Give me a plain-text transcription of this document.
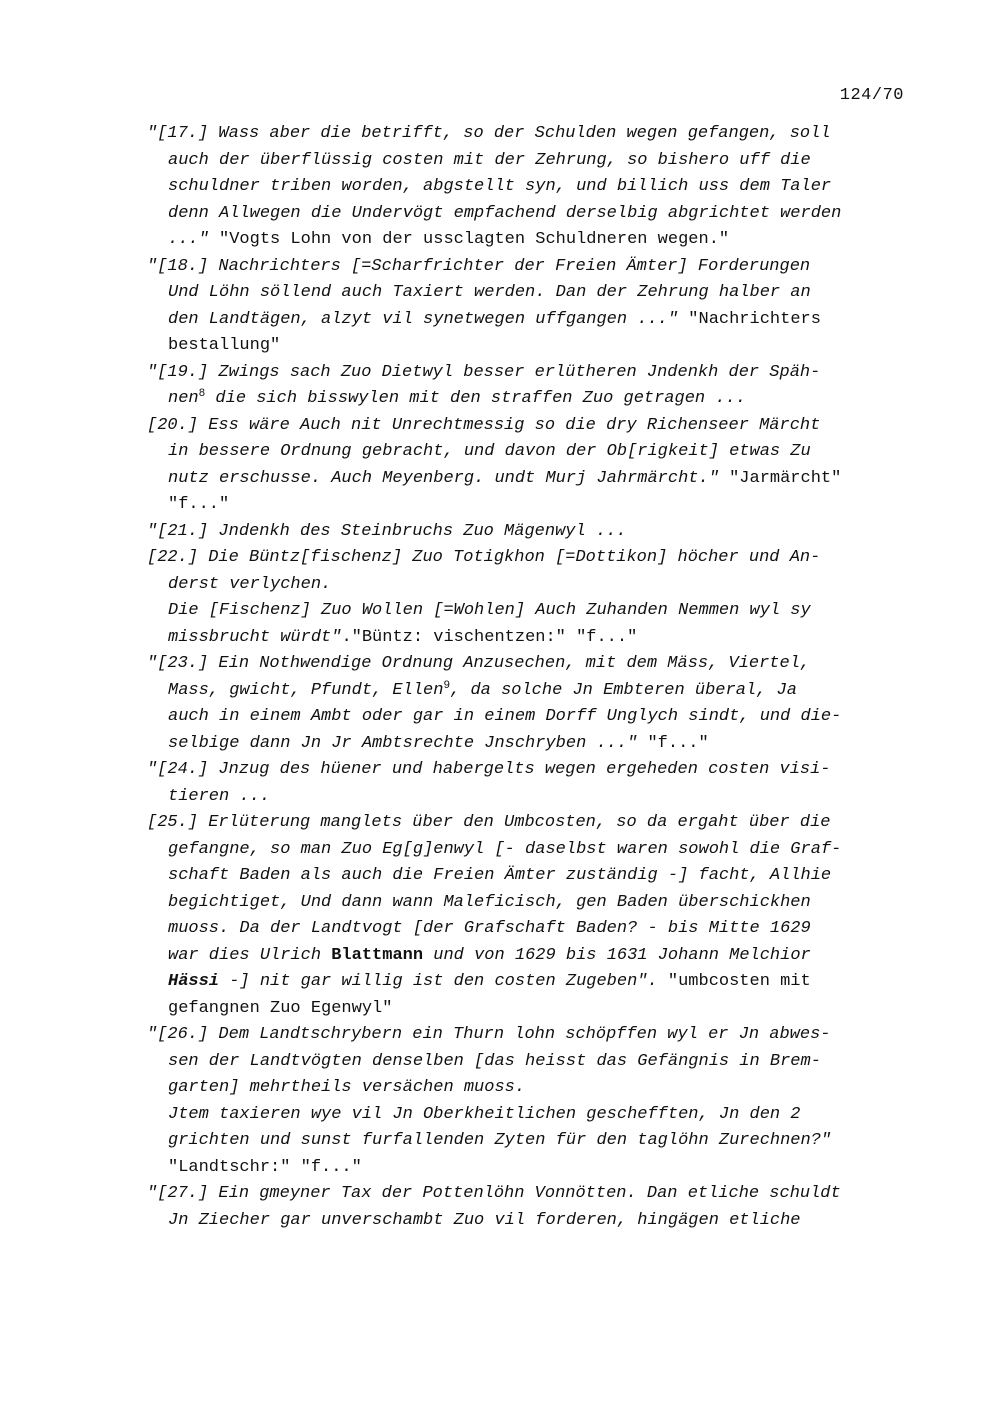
124/70
"[17.] Wass aber die betrifft, so der Schulden wegen gefangen, soll
auch der überflüssig costen mit der Zehrung, so bishero uff die
schuldner triben worden, abgstellt syn, und billich uss dem Taler
denn Allwegen die Undervögt empfachend derselbig abgrichtet werden
..." "Vogts Lohn von der ussclagten Schuldneren wegen."
"[18.] Nachrichters [=Scharfrichter der Freien Ämter] Forderungen
Und Löhn söllend auch Taxiert werden. Dan der Zehrung halber an
den Landtägen, alzyt vil synetwegen uffgangen ..." "Nachrichters
bestallung"
"[19.] Zwings sach Zuo Dietwyl besser erlütheren Jndenkh der Späh-
nen$^8$ die sich bisswylen mit den straffen Zuo getragen ...
[20.] Ess wäre Auch nit Unrechtmessig so die dry Richenseer Märcht
in bessere Ordnung gebracht, und davon der Ob[rigkeit] etwas Zu
nutz erschusse. Auch Meyenberg. undt Murj Jahrmärcht." "Jarmärcht"
"f..."
"[21.] Jndenkh des Steinbruchs Zuo Mägenwyl ...
[22.] Die Büntz[fischenz] Zuo Totigkhon [=Dottikon] höcher und An-
derst verlychen.
Die [Fischenz] Zuo Wollen [=Wohlen] Auch Zuhanden Nemmen wyl sy
missbrucht würdt"."Büntz: vischentzen:" "f..."
"[23.] Ein Nothwendige Ordnung Anzusechen, mit dem Mäss, Viertel,
Mass, gwicht, Pfundt, Ellen$^9$, da solche Jn Embteren überal, Ja
auch in einem Ambt oder gar in einem Dorff Unglych sindt, und die-
selbige dann Jn Jr Ambtsrechte Jnschryben ..." "f..."
"[24.] Jnzug des hüener und habergelts wegen ergeheden costen visi-
tieren ...
[25.] Erlüterung manglets über den Umbcosten, so da ergaht über die
gefangne, so man Zuo Eg[g]enwyl [- daselbst waren sowohl die Graf-
schaft Baden als auch die Freien Ämter zuständig -] facht, Allhie
begichtiget, Und dann wann Maleficisch, gen Baden überschickhen
muoss. Da der Landtvogt [der Grafschaft Baden? - bis Mitte 1629
war dies Ulrich Blattmann und von 1629 bis 1631 Johann Melchior
Hässi -] nit gar willig ist den costen Zugeben". "umbcosten mit
gefangnen Zuo Egenwyl"
"[26.] Dem Landtschrybern ein Thurn lohn schöpffen wyl er Jn abwes-
sen der Landtvögten denselben [das heisst das Gefängnis in Brem-
garten] mehrtheils versächen muoss.
Jtem taxieren wye vil Jn Oberkheitlichen geschefften, Jn den 2
grichten und sunst furfallenden Zyten für den taglöhn Zurechnen?"
"Landtschr:" "f..."
"[27.] Ein gmeyner Tax der Pottenlöhn Vonnötten. Dan etliche schuldt
Jn Ziecher gar unverschambt Zuo vil forderen, hingägen etliche
